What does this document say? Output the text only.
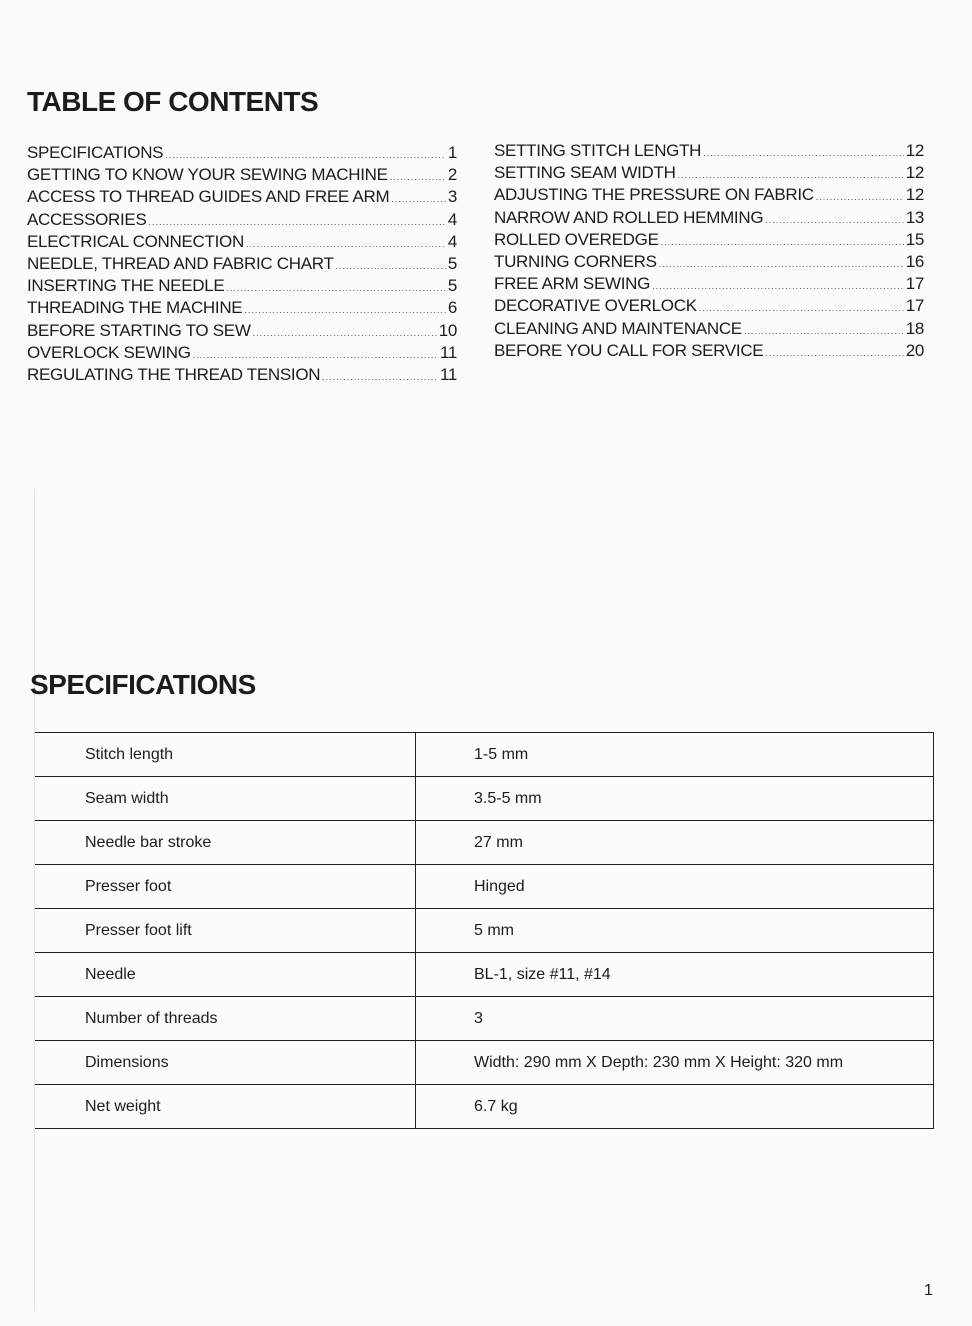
TABLE OF CONTENTS
SPECIFICATIONS .....	1
GETTING TO KNOW YOUR SEWING MACHINE .....	2
ACCESS TO THREAD GUIDES AND FREE ARM .....	3
ACCESSORIES .....	4
ELECTRICAL CONNECTION .....	4
NEEDLE, THREAD AND FABRIC CHART .....	5
INSERTING THE NEEDLE .....	5
THREADING THE MACHINE .....	6
BEFORE STARTING TO SEW .....	10
OVERLOCK SEWING .....	11
REGULATING THE THREAD TENSION .....	11
SETTING STITCH LENGTH .....	12
SETTING SEAM WIDTH .....	12
ADJUSTING THE PRESSURE ON FABRIC .....	12
NARROW AND ROLLED HEMMING .....	13
ROLLED OVEREDGE .....	15
TURNING CORNERS .....	16
FREE ARM SEWING .....	17
DECORATIVE OVERLOCK .....	17
CLEANING AND MAINTENANCE .....	18
BEFORE YOU CALL FOR SERVICE .....	20
SPECIFICATIONS
Stitch length	1-5 mm
Seam width	3.5-5 mm
Needle bar stroke	27 mm
Presser foot	Hinged
Presser foot lift	5 mm
Needle	BL-1, size #11, #14
Number of threads	3
Dimensions	Width: 290 mm X Depth: 230 mm X Height: 320 mm
Net weight	6.7 kg
1
